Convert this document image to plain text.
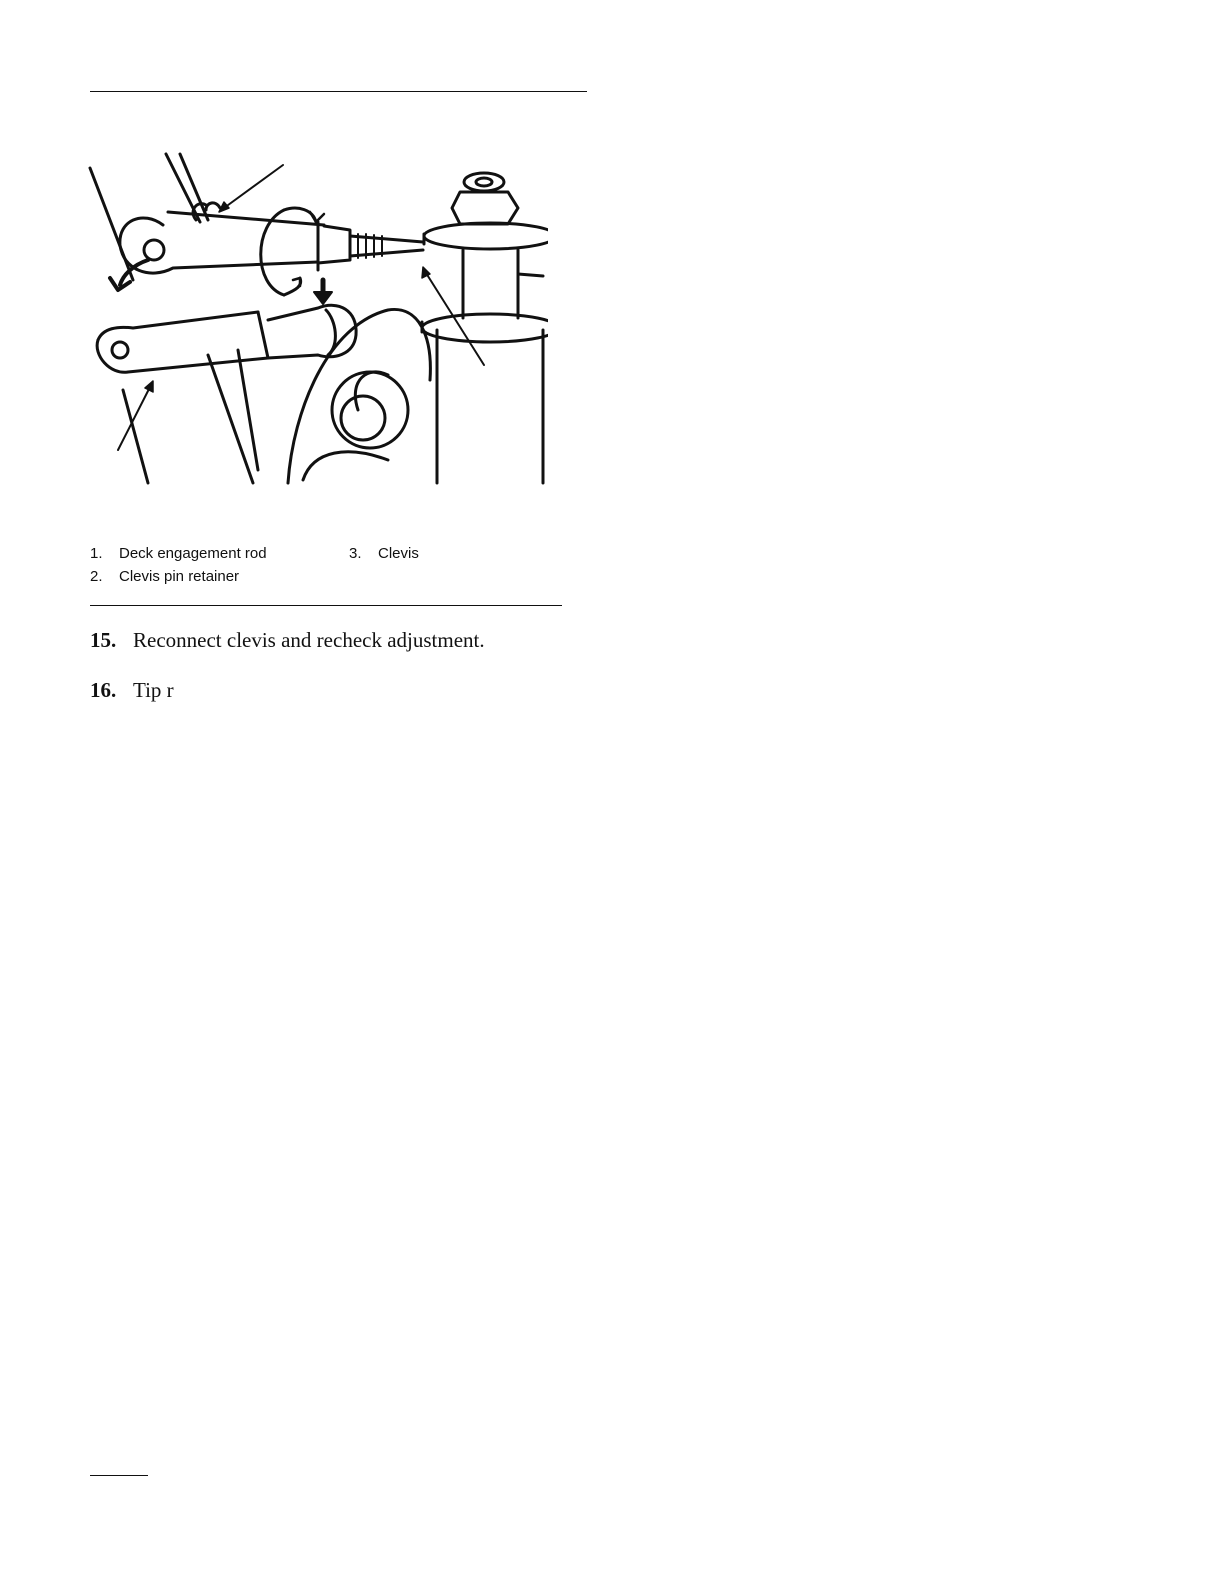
1. Deck engagement rod
2. Clevis pin retainer
3. Clevis
15. Reconnect clevis and recheck adjustment.
16. Tip r
